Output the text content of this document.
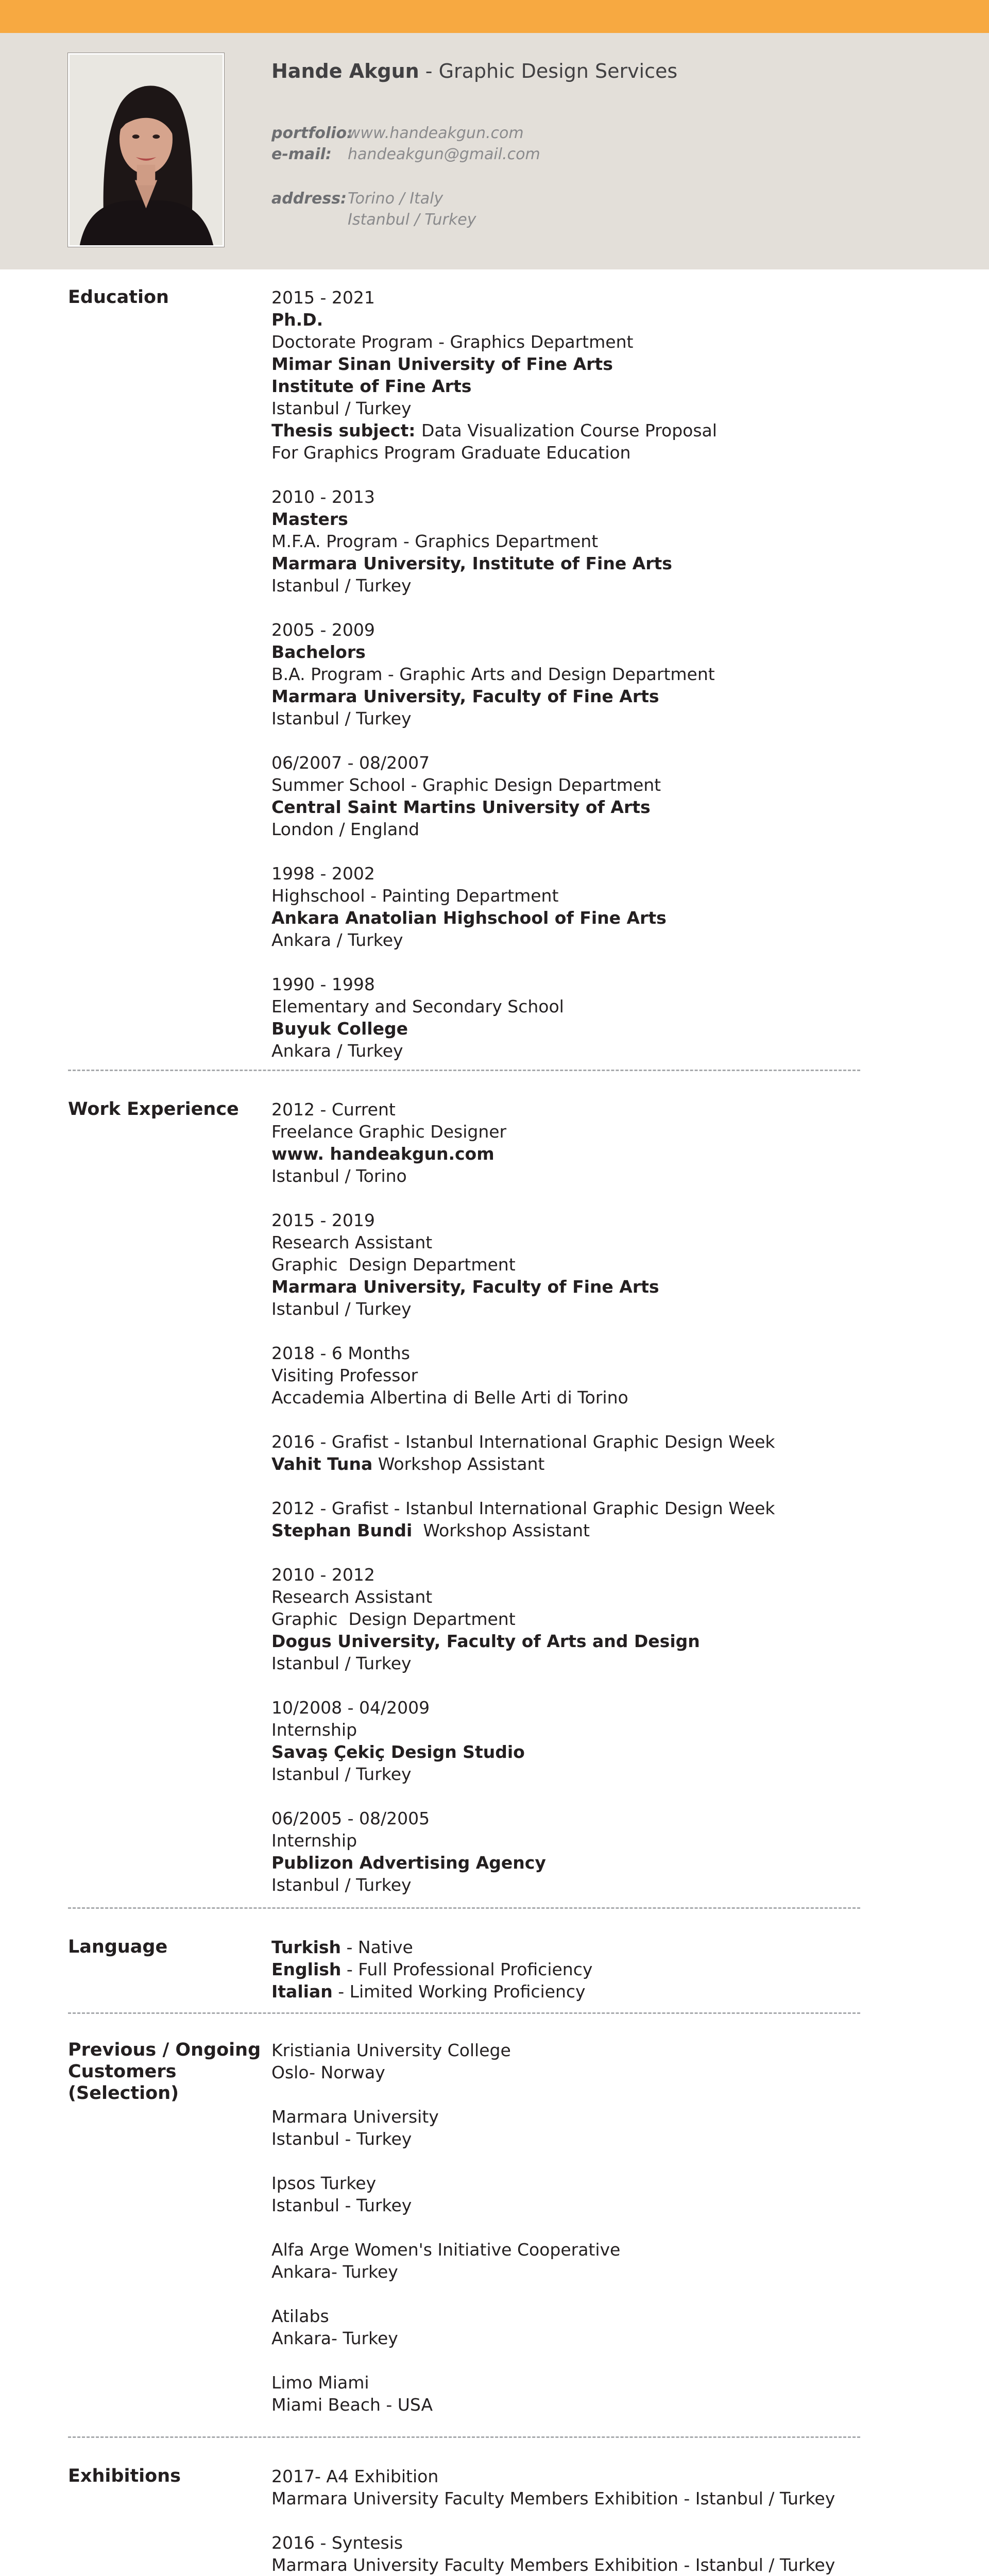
Hande Akgun - Graphic Design Services
portfolio:www.handeakgun.com
e-mail: handeakgun@gmail.com
address:Torino / Italy
Istanbul / Turkey
Education	2015 - 2021
Ph.D.
Doctorate Program - Graphics Department
Mimar Sinan University of Fine Arts
Institute of Fine Arts
Istanbul / Turkey
Thesis subject: Data Visualization Course Proposal
For Graphics Program Graduate Education
2010 - 2013
Masters
M.F.A. Program - Graphics Department
Marmara University, Institute of Fine Arts
Istanbul / Turkey
2005 - 2009
Bachelors
B.A. Program - Graphic Arts and Design Department
Marmara University, Faculty of Fine Arts
Istanbul / Turkey
06/2007 - 08/2007
Summer School - Graphic Design Department
Central Saint Martins University of Arts
London / England
1998 - 2002
Highschool - Painting Department
Ankara Anatolian Highschool of Fine Arts
Ankara / Turkey
1990 - 1998
Elementary and Secondary School
Buyuk College
Ankara / Turkey
Work Experience	2012 - Current
Freelance Graphic Designer
www. handeakgun.com
Istanbul / Torino
2015 - 2019
Research Assistant
Graphic  Design Department
Marmara University, Faculty of Fine Arts
Istanbul / Turkey
2018 - 6 Months
Visiting Professor
Accademia Albertina di Belle Arti di Torino
2016 - Grafist - Istanbul International Graphic Design Week
Vahit Tuna Workshop Assistant
2012 - Grafist - Istanbul International Graphic Design Week
Stephan Bundi  Workshop Assistant
2010 - 2012
Research Assistant
Graphic  Design Department
Dogus University, Faculty of Arts and Design
Istanbul / Turkey
10/2008 - 04/2009
Internship
Savaş Çekiç Design Studio
Istanbul / Turkey
06/2005 - 08/2005
Internship
Publizon Advertising Agency
Istanbul / Turkey
Language	Turkish - Native
English - Full Professional Proficiency
Italian - Limited Working Proficiency
Previous / Ongoing Customers (Selection)
Kristiania University College
Oslo- Norway
Marmara University
Istanbul - Turkey
Ipsos Turkey
Istanbul - Turkey
Alfa Arge Women's Initiative Cooperative
Ankara- Turkey
Atilabs
Ankara- Turkey
Limo Miami
Miami Beach - USA
Exhibitions	2017- A4 Exhibition
Marmara University Faculty Members Exhibition - Istanbul / Turkey
2016 - Syntesis
Marmara University Faculty Members Exhibition - Istanbul / Turkey
